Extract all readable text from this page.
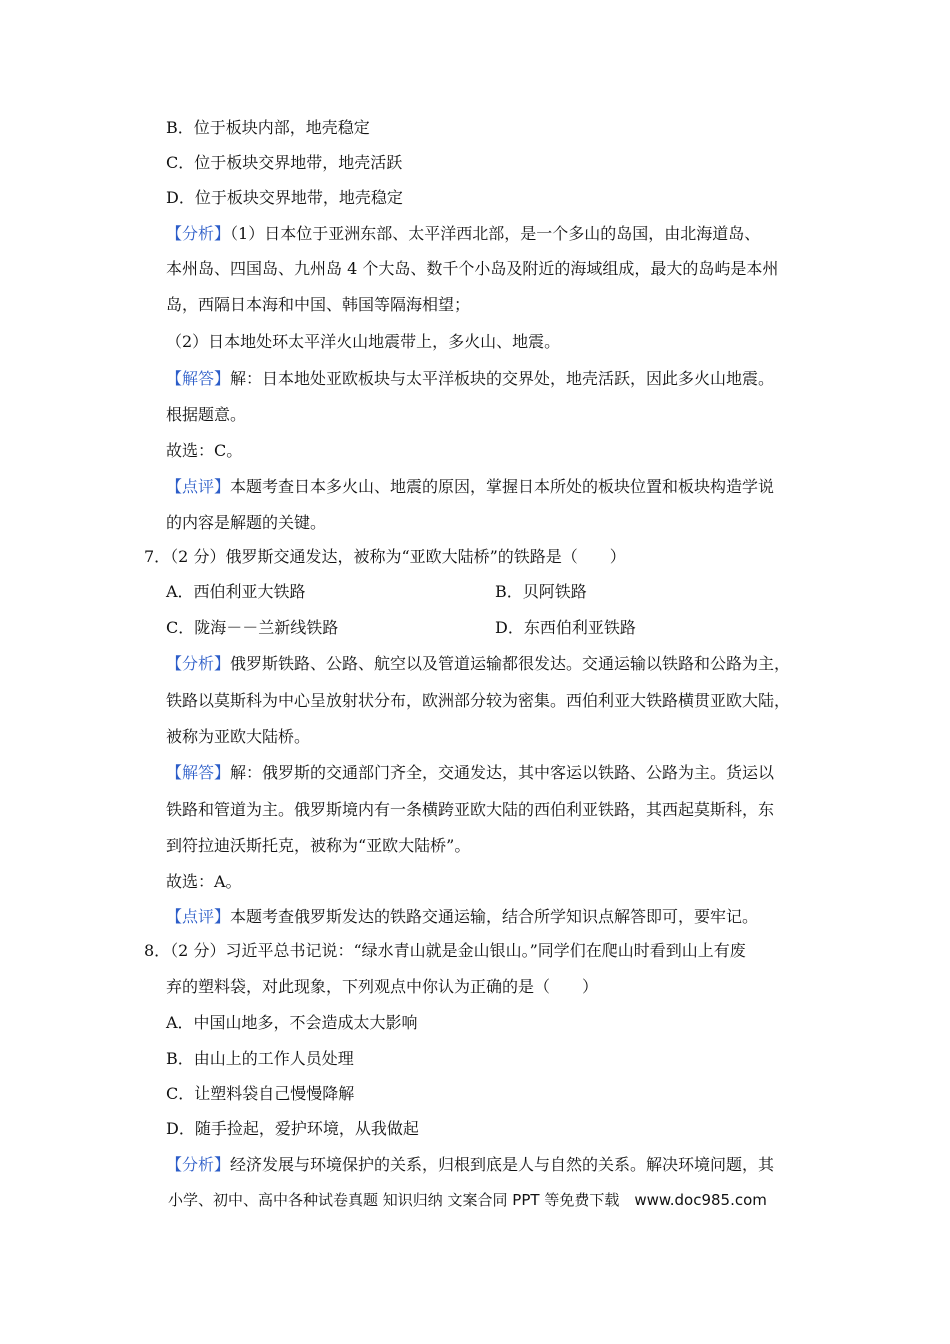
B．位于板块内部，地壳稳定
C．位于板块交界地带，地壳活跃
D．位于板块交界地带，地壳稳定
【分析】（1）日本位于亚洲东部、太平洋西北部，是一个多山的岛国，由北海道岛、
本州岛、四国岛、九州岛 4 个大岛、数千个小岛及附近的海域组成，最大的岛屿是本州
岛，西隔日本海和中国、韩国等隔海相望；
（2）日本地处环太平洋火山地震带上，多火山、地震。
【解答】解：日本地处亚欧板块与太平洋板块的交界处，地壳活跃，因此多火山地震。
根据题意。
故选：C。
【点评】本题考查日本多火山、地震的原因，掌握日本所处的板块位置和板块构造学说
的内容是解题的关键。
7．（2 分）俄罗斯交通发达，被称为“亚欧大陆桥”的铁路是（　　）
A．西伯利亚大铁路	B．贝阿铁路
C．陇海－－兰新线铁路	D．东西伯利亚铁路
【分析】俄罗斯铁路、公路、航空以及管道运输都很发达。交通运输以铁路和公路为主，
铁路以莫斯科为中心呈放射状分布，欧洲部分较为密集。西伯利亚大铁路横贯亚欧大陆，
被称为亚欧大陆桥。
【解答】解：俄罗斯的交通部门齐全，交通发达，其中客运以铁路、公路为主。货运以
铁路和管道为主。俄罗斯境内有一条横跨亚欧大陆的西伯利亚铁路，其西起莫斯科，东
到符拉迪沃斯托克，被称为“亚欧大陆桥”。
故选：A。
【点评】本题考查俄罗斯发达的铁路交通运输，结合所学知识点解答即可，要牢记。
8．（2 分）习近平总书记说：“绿水青山就是金山银山。”同学们在爬山时看到山上有废
弃的塑料袋，对此现象，下列观点中你认为正确的是（　　）
A．中国山地多，不会造成太大影响
B．由山上的工作人员处理
C．让塑料袋自己慢慢降解
D．随手捡起，爱护环境，从我做起
【分析】经济发展与环境保护的关系，归根到底是人与自然的关系。解决环境问题，其
小学、初中、高中各种试卷真题 知识归纳 文案合同 PPT 等免费下载　www.doc985.com
